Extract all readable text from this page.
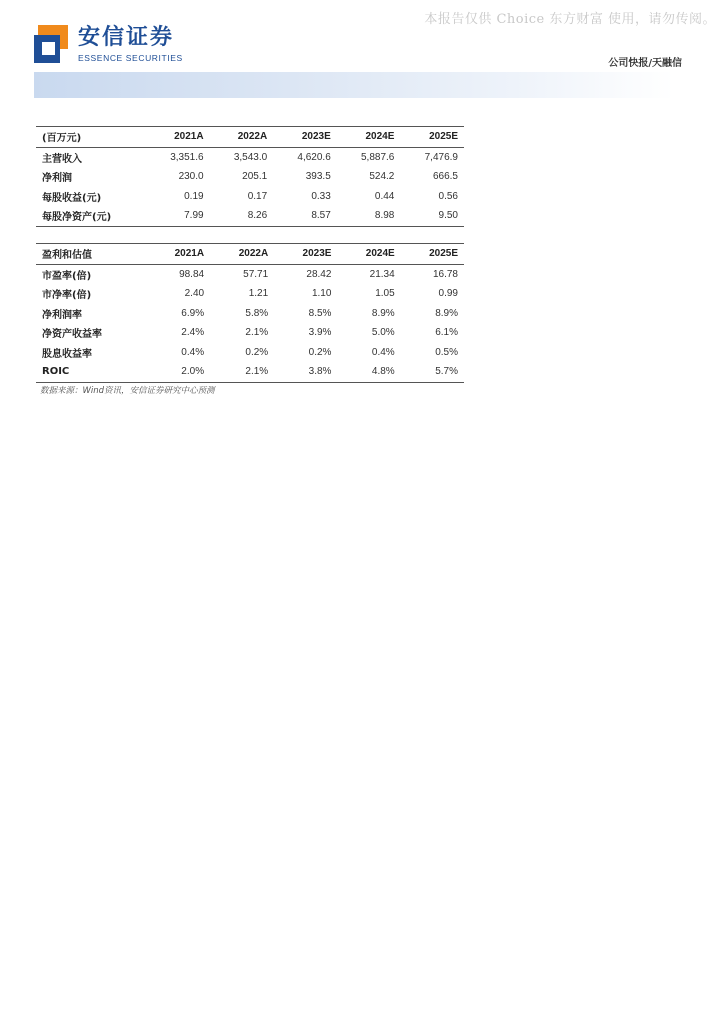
本报告仅供 Choice 东方财富 使用，请勿传阅。
安信证券
ESSENCE SECURITIES
公司快报/天融信
(百万元)	2021A	2022A	2023E	2024E	2025E
主营收入	3,351.6	3,543.0	4,620.6	5,887.6	7,476.9
净利润	230.0	205.1	393.5	524.2	666.5
每股收益(元)	0.19	0.17	0.33	0.44	0.56
每股净资产(元)	7.99	8.26	8.57	8.98	9.50
盈利和估值	2021A	2022A	2023E	2024E	2025E
市盈率(倍)	98.84	57.71	28.42	21.34	16.78
市净率(倍)	2.40	1.21	1.10	1.05	0.99
净利润率	6.9%	5.8%	8.5%	8.9%	8.9%
净资产收益率	2.4%	2.1%	3.9%	5.0%	6.1%
股息收益率	0.4%	0.2%	0.2%	0.4%	0.5%
ROIC	2.0%	2.1%	3.8%	4.8%	5.7%
数据来源：Wind资讯，安信证券研究中心预测
